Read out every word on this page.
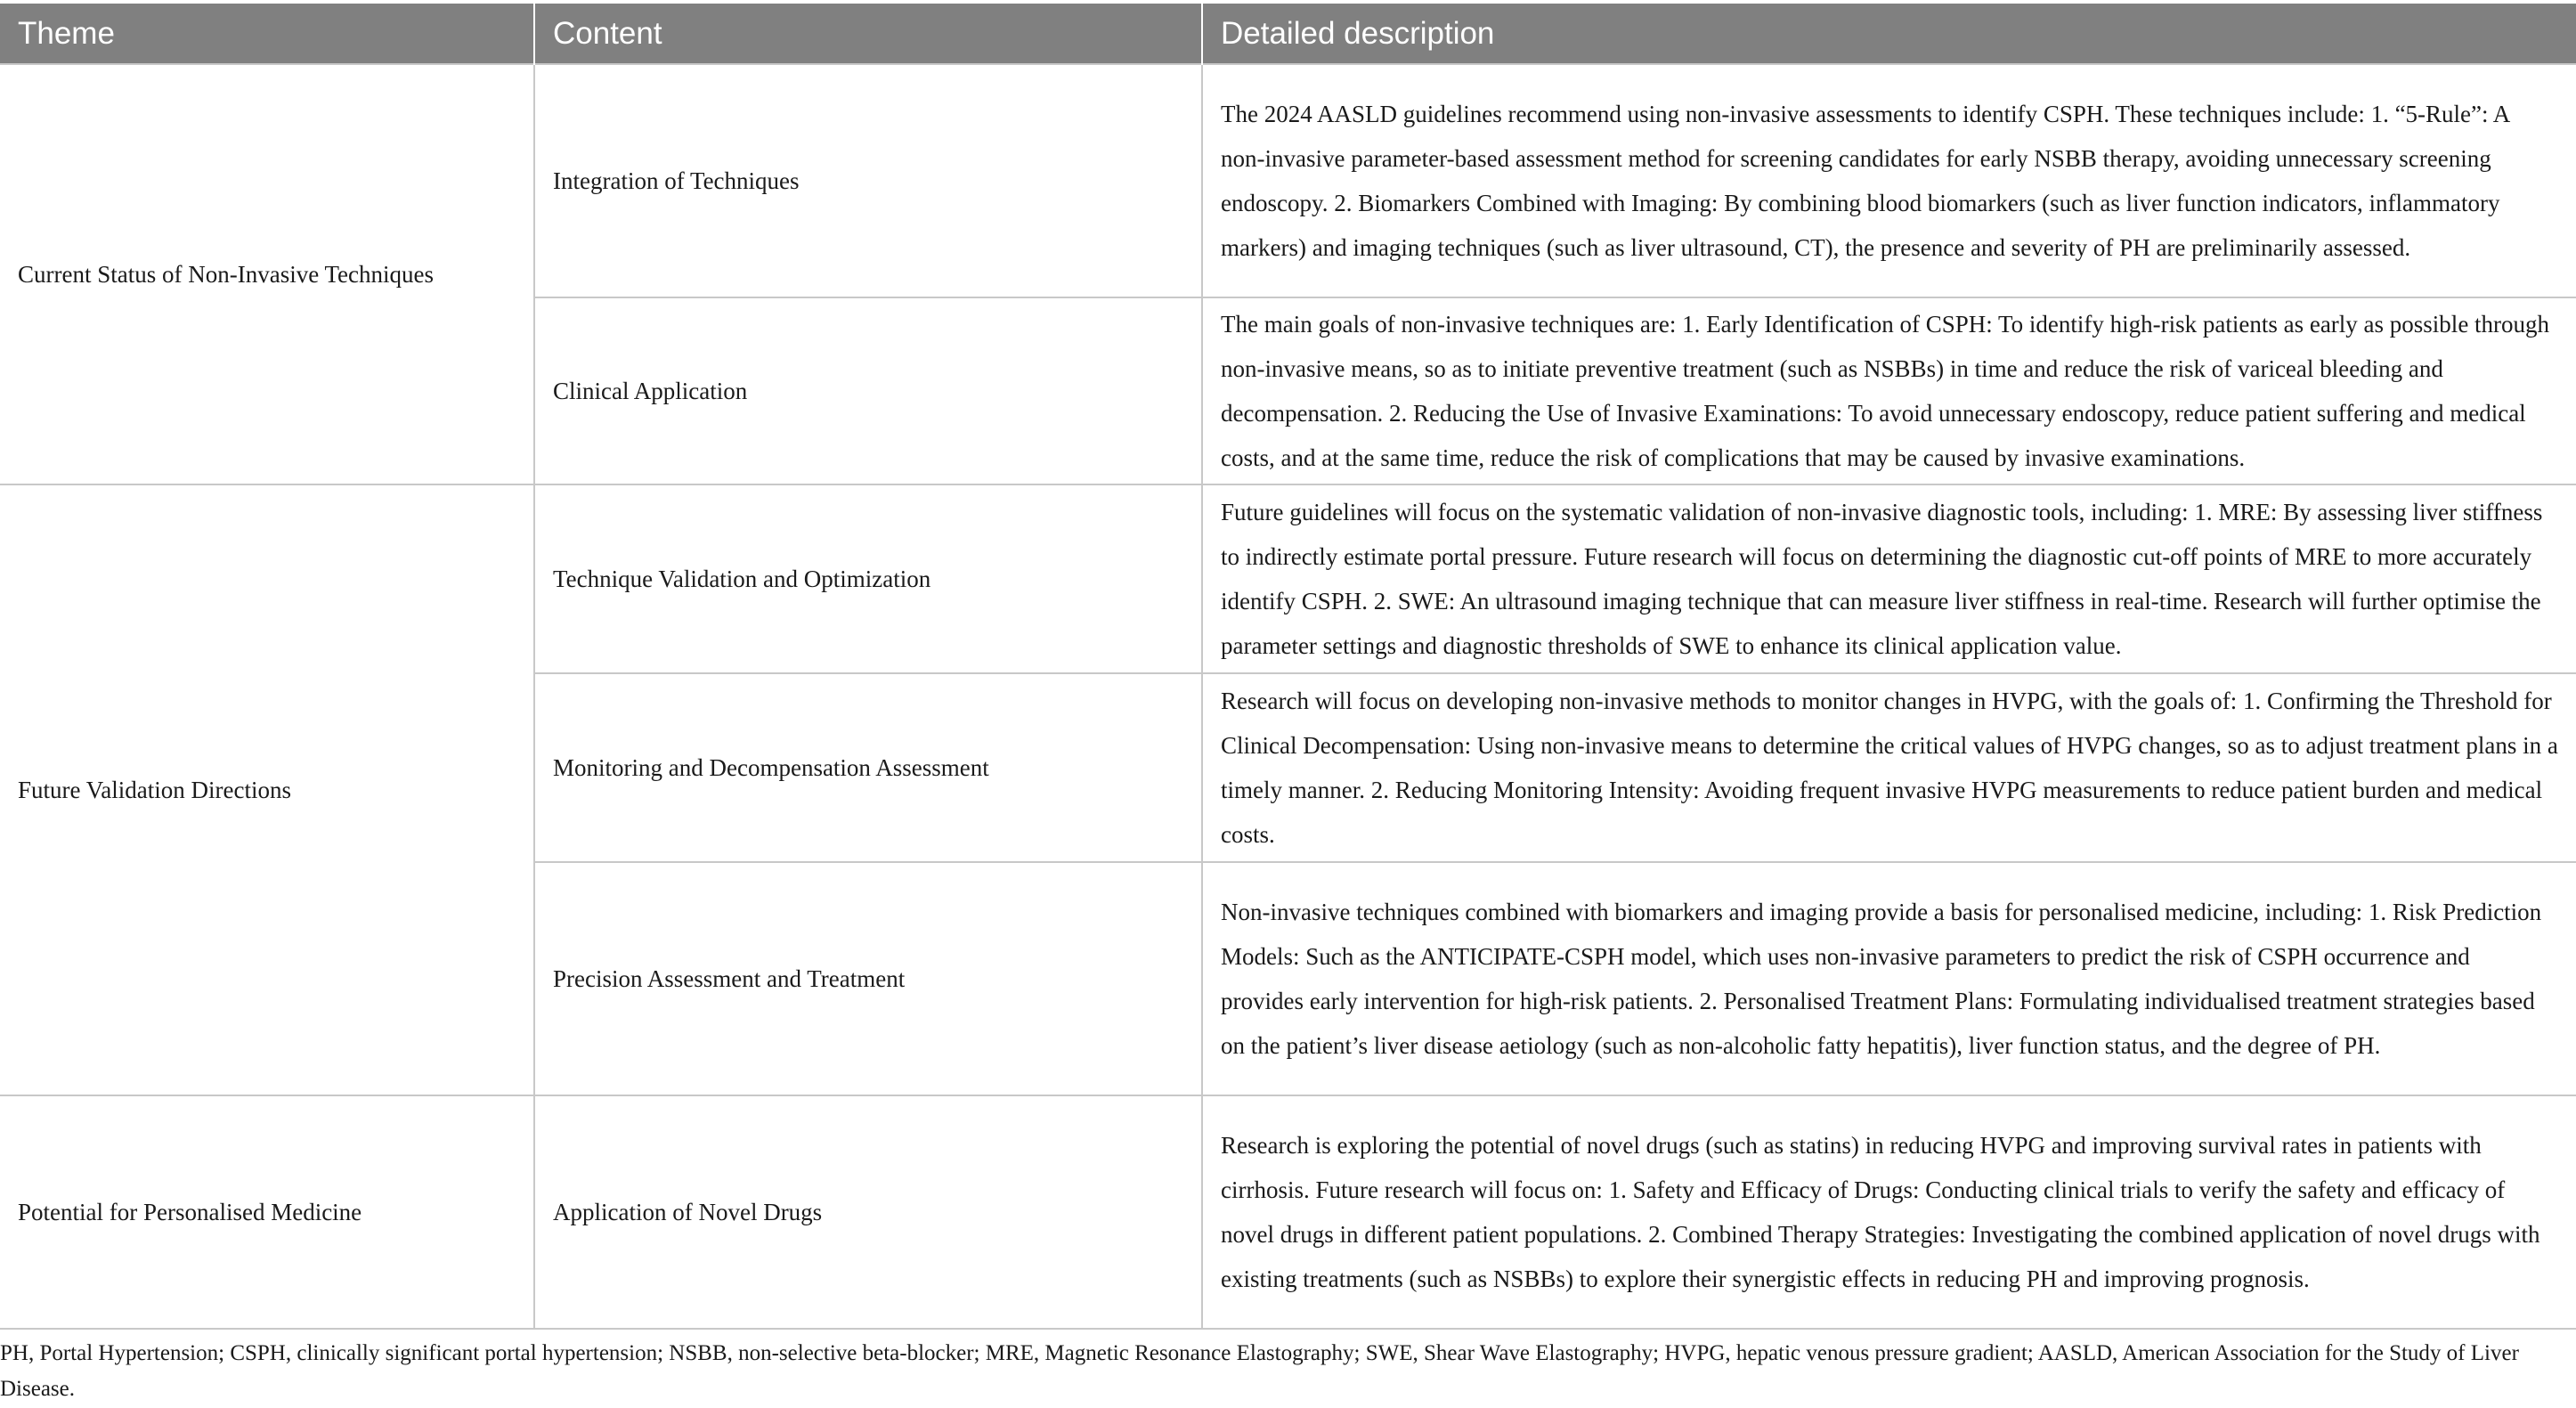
Theme	Content	Detailed description
Current Status of Non-Invasive Techniques	Integration of Techniques	The 2024 AASLD guidelines recommend using non-invasive assessments to identify CSPH. These techniques include: 1. “5-Rule”: A non-invasive parameter-based assessment method for screening candidates for early NSBB therapy, avoiding unnecessary screening endoscopy. 2. Biomarkers Combined with Imaging: By combining blood biomarkers (such as liver function indicators, inflammatory markers) and imaging techniques (such as liver ultrasound, CT), the presence and severity of PH are preliminarily assessed.
	Clinical Application	The main goals of non-invasive techniques are: 1. Early Identification of CSPH: To identify high-risk patients as early as possible through non-invasive means, so as to initiate preventive treatment (such as NSBBs) in time and reduce the risk of variceal bleeding and decompensation. 2. Reducing the Use of Invasive Examinations: To avoid unnecessary endoscopy, reduce patient suffering and medical costs, and at the same time, reduce the risk of complications that may be caused by invasive examinations.
Future Validation Directions	Technique Validation and Optimization	Future guidelines will focus on the systematic validation of non-invasive diagnostic tools, including: 1. MRE: By assessing liver stiffness to indirectly estimate portal pressure. Future research will focus on determining the diagnostic cut-off points of MRE to more accurately identify CSPH. 2. SWE: An ultrasound imaging technique that can measure liver stiffness in real-time. Research will further optimise the parameter settings and diagnostic thresholds of SWE to enhance its clinical application value.
	Monitoring and Decompensation Assessment	Research will focus on developing non-invasive methods to monitor changes in HVPG, with the goals of: 1. Confirming the Threshold for Clinical Decompensation: Using non-invasive means to determine the critical values of HVPG changes, so as to adjust treatment plans in a timely manner. 2. Reducing Monitoring Intensity: Avoiding frequent invasive HVPG measurements to reduce patient burden and medical costs.
	Precision Assessment and Treatment	Non-invasive techniques combined with biomarkers and imaging provide a basis for personalised medicine, including: 1. Risk Prediction Models: Such as the ANTICIPATE-CSPH model, which uses non-invasive parameters to predict the risk of CSPH occurrence and provides early intervention for high-risk patients. 2. Personalised Treatment Plans: Formulating individualised treatment strategies based on the patient’s liver disease aetiology (such as non-alcoholic fatty hepatitis), liver function status, and the degree of PH.
Potential for Personalised Medicine	Application of Novel Drugs	Research is exploring the potential of novel drugs (such as statins) in reducing HVPG and improving survival rates in patients with cirrhosis. Future research will focus on: 1. Safety and Efficacy of Drugs: Conducting clinical trials to verify the safety and efficacy of novel drugs in different patient populations. 2. Combined Therapy Strategies: Investigating the combined application of novel drugs with existing treatments (such as NSBBs) to explore their synergistic effects in reducing PH and improving prognosis.
PH, Portal Hypertension; CSPH, clinically significant portal hypertension; NSBB, non-selective beta-blocker; MRE, Magnetic Resonance Elastography; SWE, Shear Wave Elastography; HVPG, hepatic venous pressure gradient; AASLD, American Association for the Study of Liver Disease.
